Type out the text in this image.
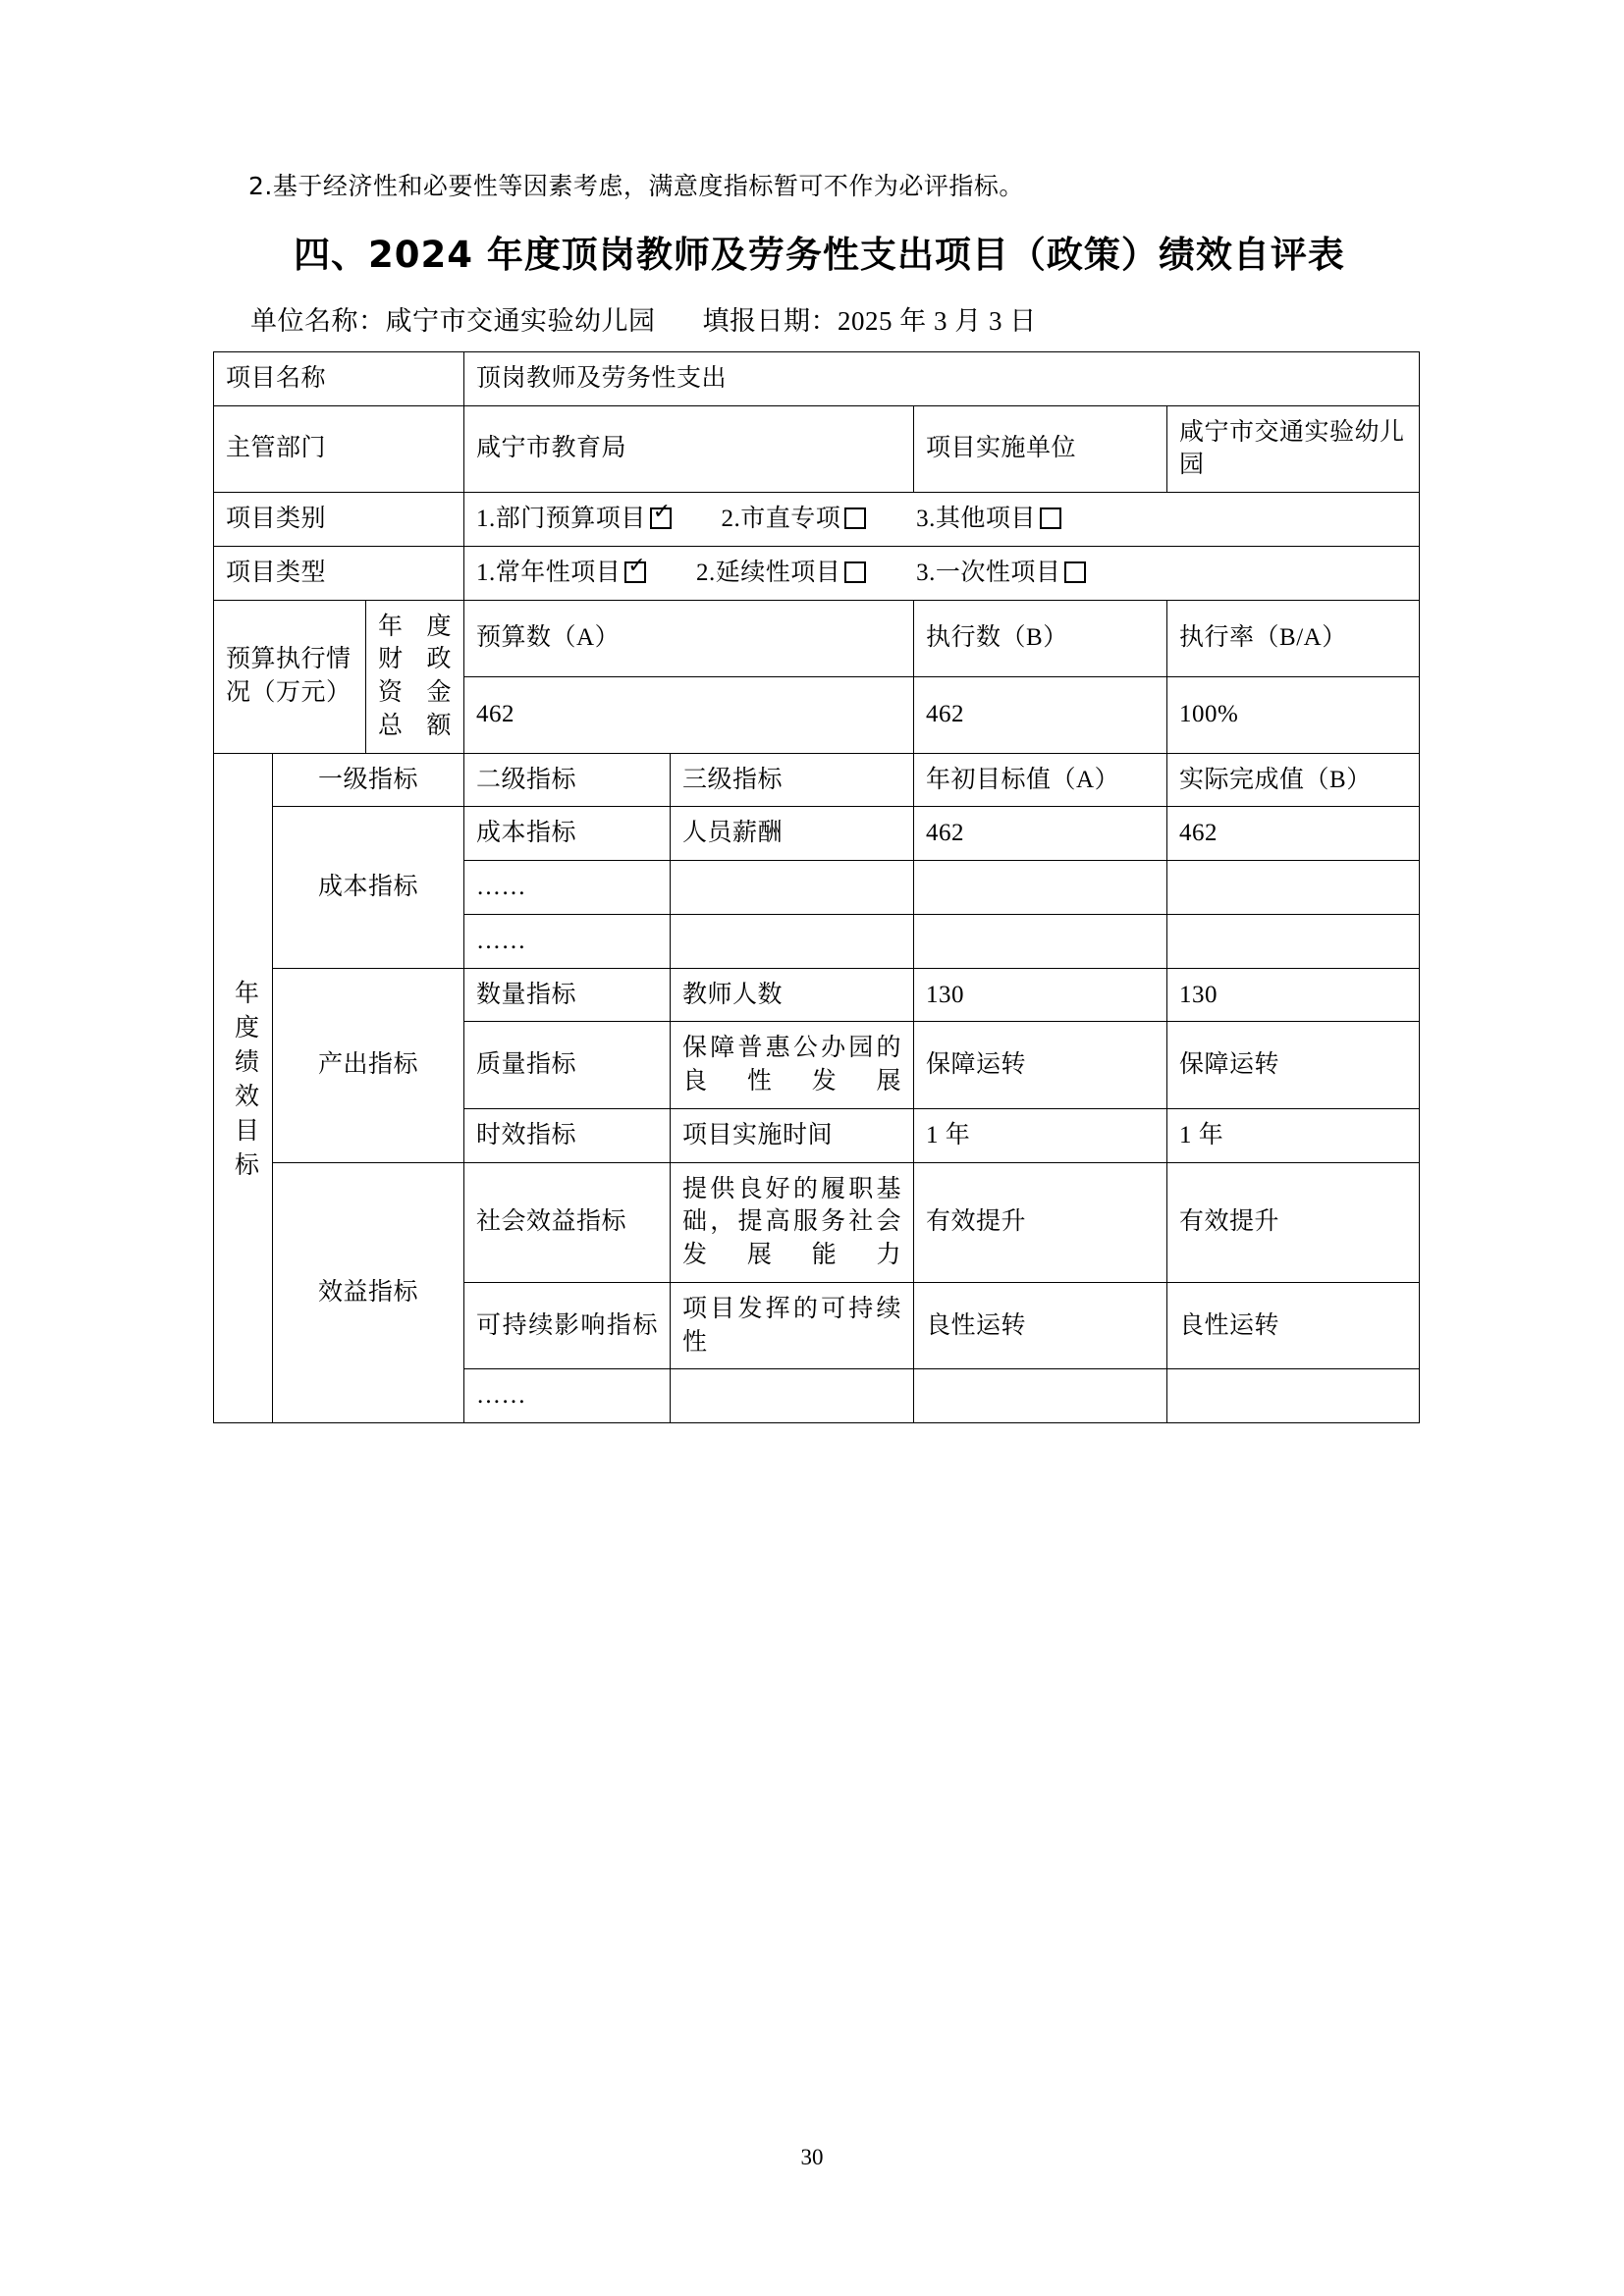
2.基于经济性和必要性等因素考虑，满意度指标暂可不作为必评指标。

四、2024 年度顶岗教师及劳务性支出项目（政策）绩效自评表

单位名称：咸宁市交通实验幼儿园 填报日期：2025 年 3 月 3 日

项目名称			顶岗教师及劳务性支出			
主管部门			咸宁市教育局		项目实施单位	咸宁市交通实验幼儿园
项目类别			1.部门预算项目 ✓ 2.市直专项 3.其他项目
项目类型			1.常年性项目 ✓ 2.延续性项目 3.一次性项目
预算执行情况（万元）		年度财政资金总额	预算数（A）		执行数（B）	执行率（B/A）
			462		462	100%
年度绩效目标	一级指标		二级指标	三级指标	年初目标值（A）	实际完成值（B）
	成本指标		成本指标	人员薪酬	462	462
			……			
			……			
	产出指标		数量指标	教师人数	130	130
			质量指标	保障普惠公办园的良性发展	保障运转	保障运转
			时效指标	项目实施时间	1 年	1 年
	效益指标		社会效益指标	提供良好的履职基础，提高服务社会发展能力	有效提升	有效提升

			可持续影响指标	项目发挥的可持续性	良性运转	良性运转
			……			
30
